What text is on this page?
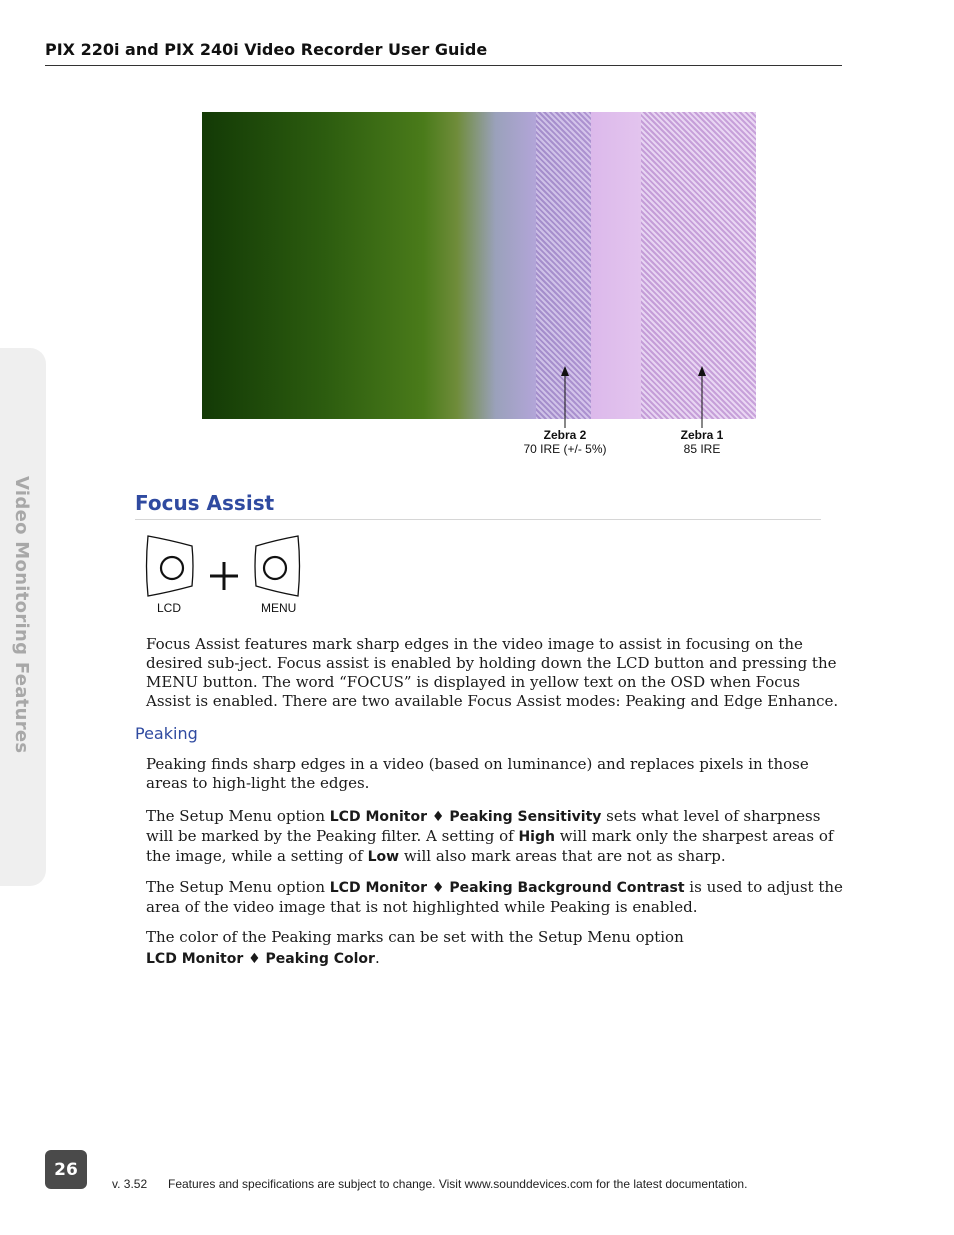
PIX 220i and PIX 240i Video Recorder User Guide
Video Monitoring Features
Zebra 2
70 IRE (+/- 5%)
Zebra 1
85 IRE
Focus Assist
LCD	MENU
Focus Assist features mark sharp edges in the video image to assist in focusing on the desired sub-ject. Focus assist is enabled by holding down the LCD button and pressing the MENU button. The word “FOCUS” is displayed in yellow text on the OSD when Focus Assist is enabled. There are two available Focus Assist modes: Peaking and Edge Enhance.
Peaking
Peaking finds sharp edges in a video (based on luminance) and replaces pixels in those areas to high-light the edges.
The Setup Menu option LCD Monitor ♦ Peaking Sensitivity sets what level of sharpness will be marked by the Peaking filter. A setting of High will mark only the sharpest areas of the image, while a setting of Low will also mark areas that are not as sharp.
The Setup Menu option LCD Monitor ♦ Peaking Background Contrast is used to adjust the area of the video image that is not highlighted while Peaking is enabled.
The color of the Peaking marks can be set with the Setup Menu option
LCD Monitor ♦ Peaking Color.
26
v. 3.52 Features and specifications are subject to change. Visit www.sounddevices.com for the latest documentation.
